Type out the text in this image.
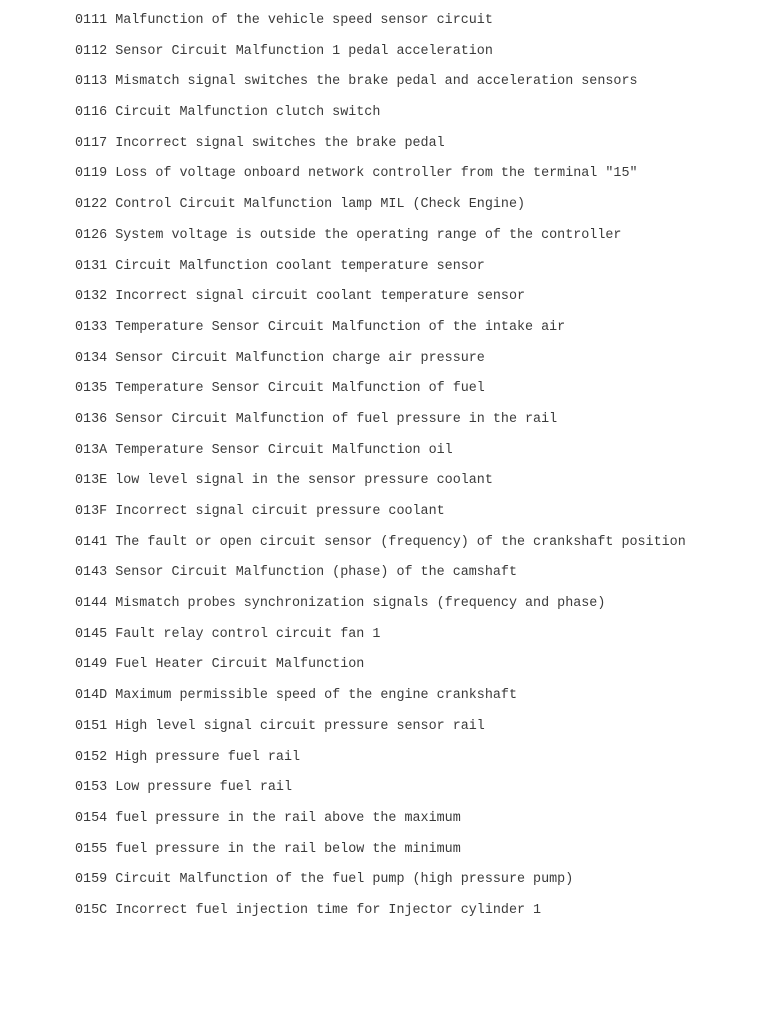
0111 Malfunction of the vehicle speed sensor circuit
0112 Sensor Circuit Malfunction 1 pedal acceleration
0113 Mismatch signal switches the brake pedal and acceleration sensors
0116 Circuit Malfunction clutch switch
0117 Incorrect signal switches the brake pedal
0119 Loss of voltage onboard network controller from the terminal "15"
0122 Control Circuit Malfunction lamp MIL (Check Engine)
0126 System voltage is outside the operating range of the controller
0131 Circuit Malfunction coolant temperature sensor
0132 Incorrect signal circuit coolant temperature sensor
0133 Temperature Sensor Circuit Malfunction of the intake air
0134 Sensor Circuit Malfunction charge air pressure
0135 Temperature Sensor Circuit Malfunction of fuel
0136 Sensor Circuit Malfunction of fuel pressure in the rail
013A Temperature Sensor Circuit Malfunction oil
013E low level signal in the sensor pressure coolant
013F Incorrect signal circuit pressure coolant
0141 The fault or open circuit sensor (frequency) of the crankshaft position
0143 Sensor Circuit Malfunction (phase) of the camshaft
0144 Mismatch probes synchronization signals (frequency and phase)
0145 Fault relay control circuit fan 1
0149 Fuel Heater Circuit Malfunction
014D Maximum permissible speed of the engine crankshaft
0151 High level signal circuit pressure sensor rail
0152 High pressure fuel rail
0153 Low pressure fuel rail
0154 fuel pressure in the rail above the maximum
0155 fuel pressure in the rail below the minimum
0159 Circuit Malfunction of the fuel pump (high pressure pump)
015C Incorrect fuel injection time for Injector cylinder 1
